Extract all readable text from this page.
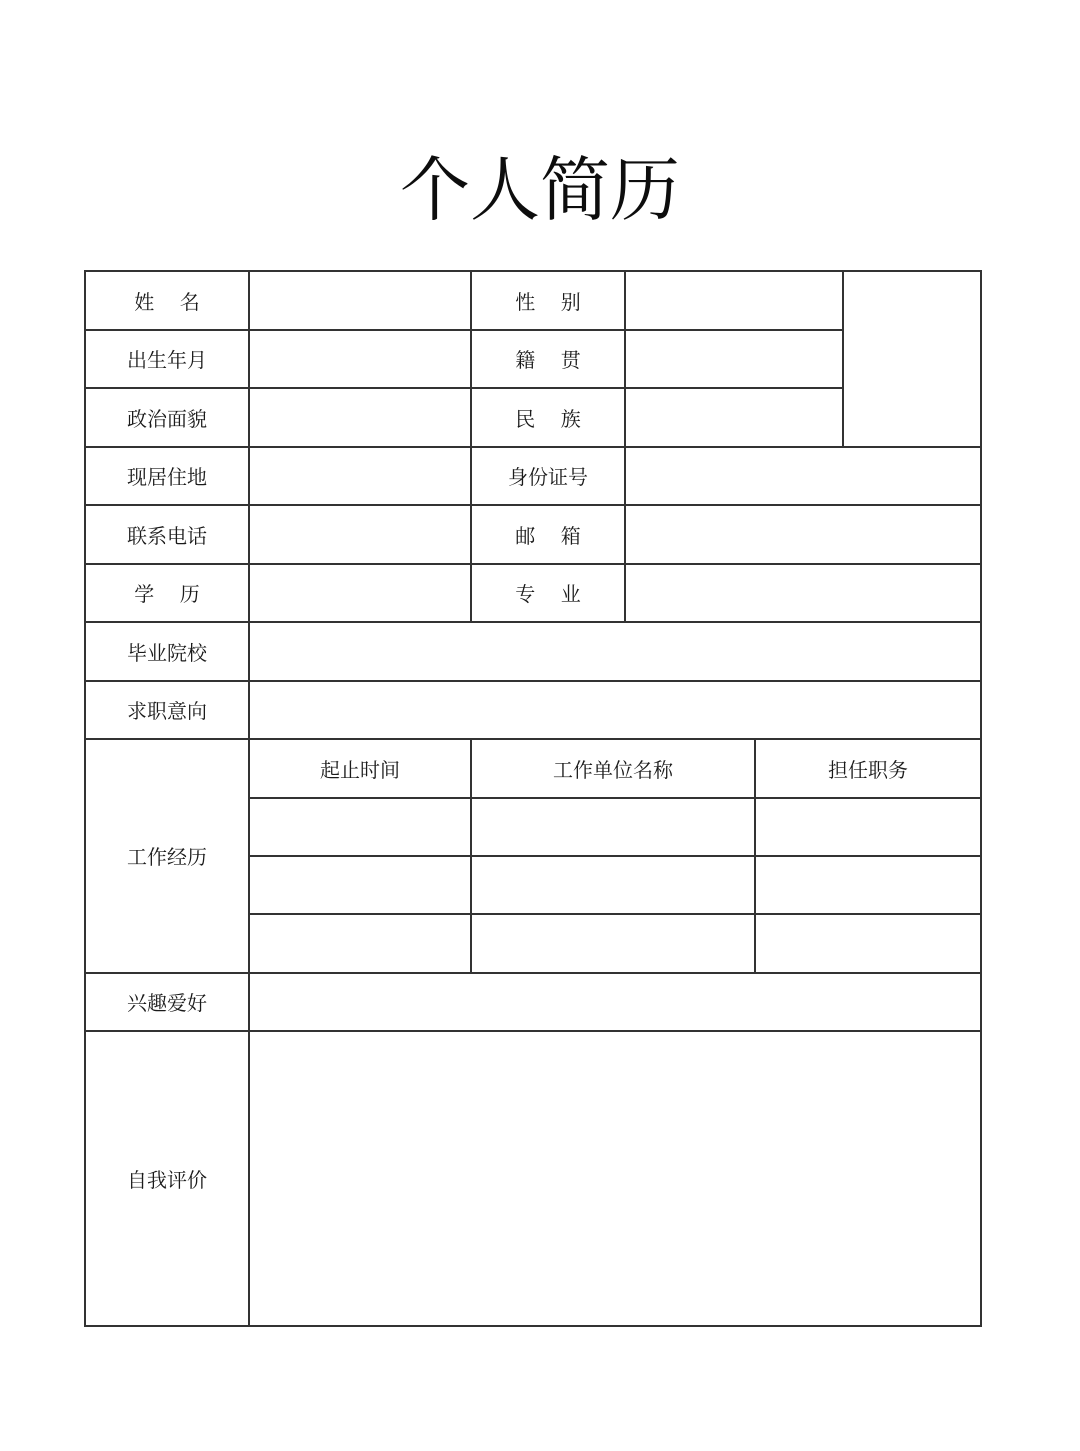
个人简历
姓    名	性    别
出生年月	籍    贯
政治面貌	民    族
现居住地	身份证号
联系电话	邮    箱
学    历	专    业
毕业院校
求职意向
工作经历
起止时间	工作单位名称	担任职务
兴趣爱好
自我评价
